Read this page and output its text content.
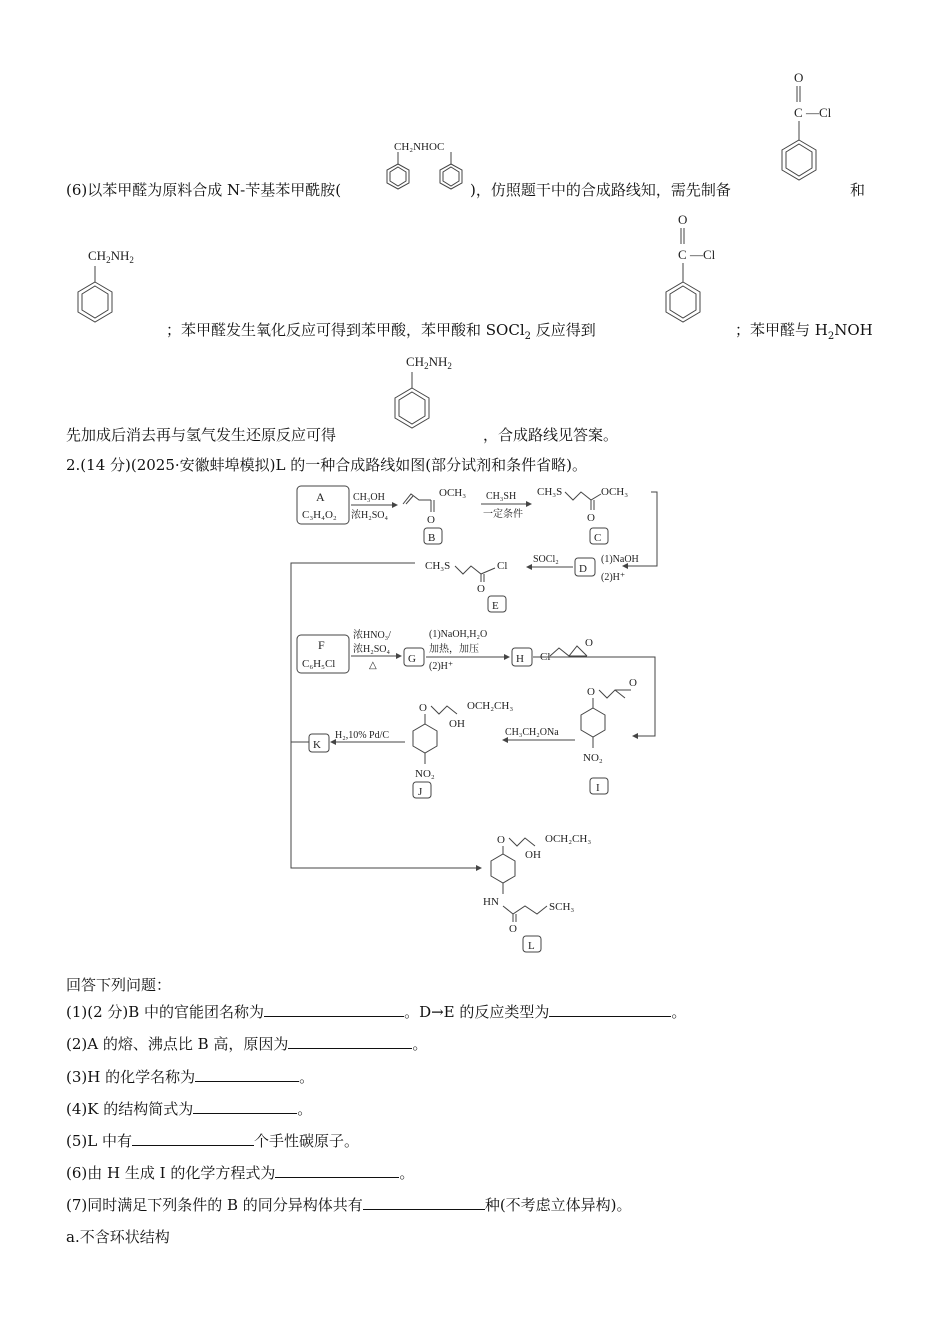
(6)以苯甲醛为原料合成 N-苄基苯甲酰胺(	)，仿照题干中的合成路线知，需先制备	和
CH₂NHOC
O
C —Cl
$CH_2NH_2$
；苯甲醛发生氧化反应可得到苯甲酸，苯甲酸和 SOCl$_2$ 反应得到
O
C —Cl
；苯甲醛与 $H_2NOH$
$CH_2NH_2$
先加成后消去再与氢气发生还原反应可得	，合成路线见答案。
2.(14 分)(2025·安徽蚌埠模拟)L 的一种合成路线如图(部分试剂和条件省略)。
A
C₃H₄O₂
CH₃OH
浓H₂SO₄	O
OCH₃
B
CH₃SH
一定条件
CH₃S
O
OCH₃
C
(1)NaOH
(2)H⁺
D
SOCl₂
CH₃S
O
Cl
E
F
C₆H₅Cl
浓HNO₃/
浓H₂SO₄
△
G
(1)NaOH,H₂O
加热，加压
(2)H⁺
H Cl
O
O
O
NO₂
I
CH₃CH₂ONa
O
OH
OCH₂CH₃
NO₂
J
H₂,10% Pd/C
K
O
OH
OCH₂CH₃
HN
O
SCH₃
L
回答下列问题：
(1)(2 分)B 中的官能团名称为	。D→E 的反应类型为	。
(2)A 的熔、沸点比 B 高，原因为	。
(3)H 的化学名称为	。
(4)K 的结构简式为	。
(5)L 中有	个手性碳原子。
(6)由 H 生成 I 的化学方程式为	。
(7)同时满足下列条件的 B 的同分异构体共有	种(不考虑立体异构)。
a.不含环状结构
